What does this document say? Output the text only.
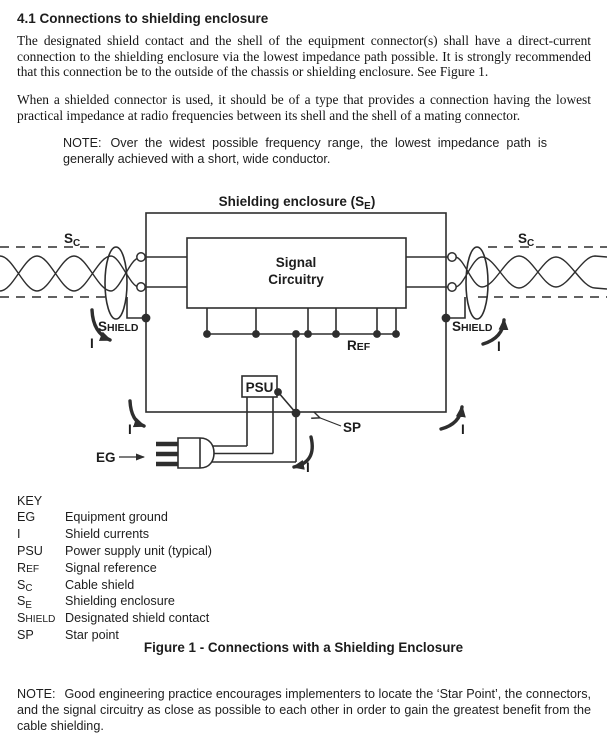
4.1 Connections to shielding enclosure
The designated shield contact and the shell of the equipment connector(s) shall have a direct-current connection to the shielding enclosure via the lowest impedance path possible. It is strongly recommended that this connection be to the outside of the chassis or shielding enclosure. See Figure 1.
When a shielded connector is used, it should be of a type that provides a connection having the lowest practical impedance at radio frequencies between its shell and the shell of a mating connector.
NOTE: Over the widest possible frequency range, the lowest impedance path is generally achieved with a short, wide conductor.
Signal
Circuitry
PSU
Shielding enclosure $(S_E)$
$S_C$	$S_C$
SHIELD	SHIELD
REF
SP
EG
I	I
I	I
I
KEY
EG	Equipment ground
I	Shield currents
PSU	Power supply unit (typical)
REF	Signal reference
SC	Cable shield
SE	Shielding enclosure
SHIELD Designated shield contact
SP	Star point
Figure 1 - Connections with a Shielding Enclosure
NOTE: Good engineering practice encourages implementers to locate the ‘Star Point’, the connectors, and the signal circuitry as close as possible to each other in order to gain the greatest benefit from the cable shielding.
